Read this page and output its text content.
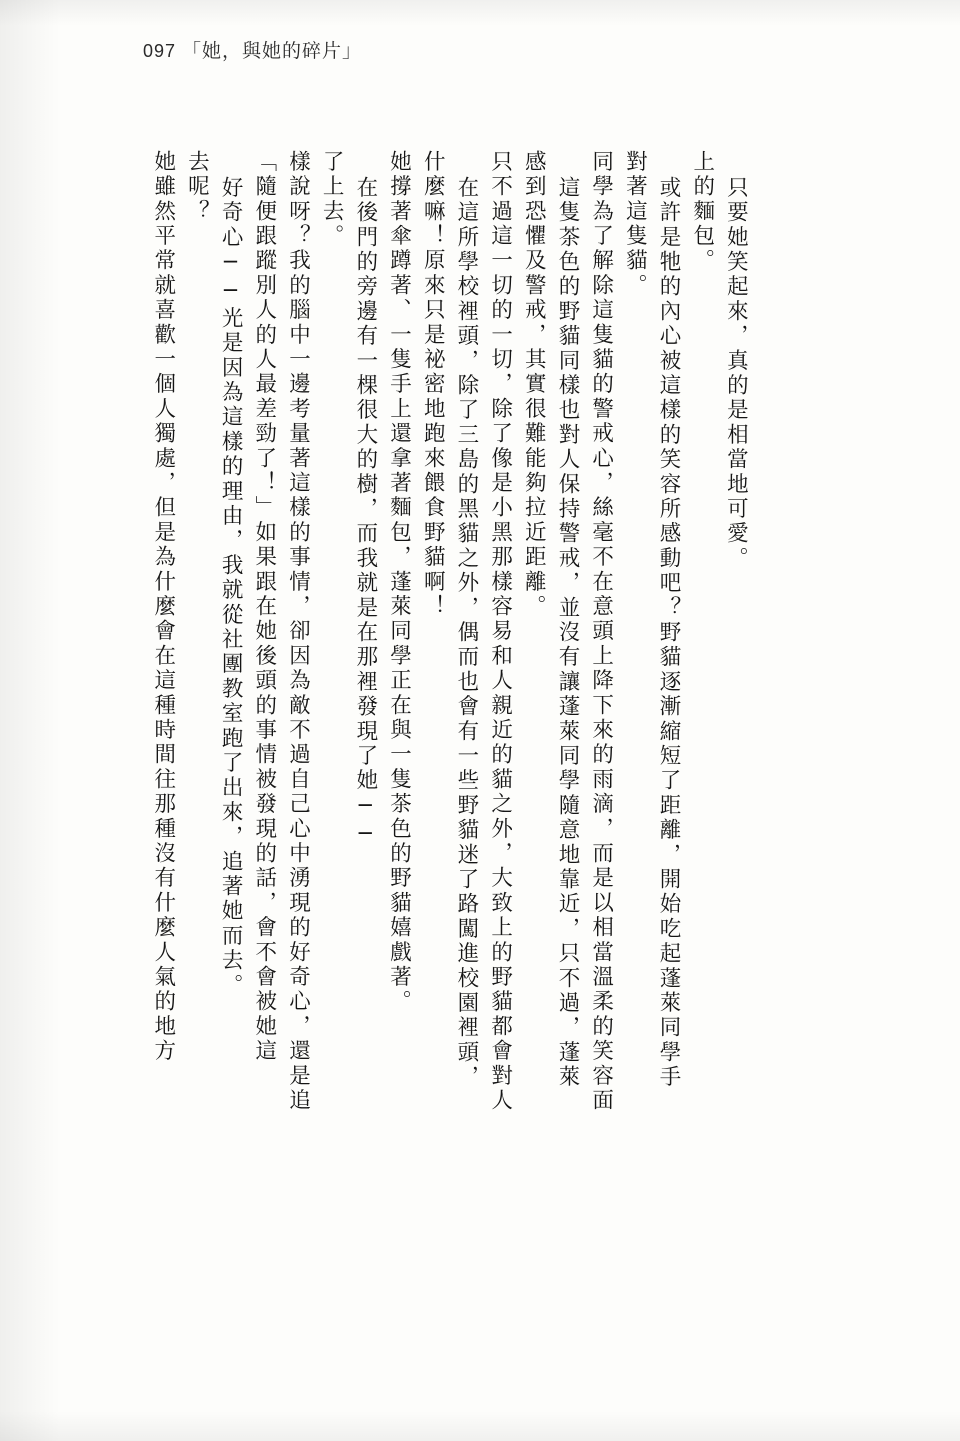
097 「她，與她的碎片」
她雖然平常就喜歡一個人獨處，但是為什麼會在這種時間往那種沒有什麼人氣的地方 去呢？ 好奇心──光是因為這樣的理由，我就從社團教室跑了出來，追著她而去。 「隨便跟蹤別人的人最差勁了！」如果跟在她後頭的事情被發現的話，會不會被她這 樣說呀？我的腦中一邊考量著這樣的事情，卻因為敵不過自己心中湧現的好奇心，還是追 了上去。 在後門的旁邊有一棵很大的樹，而我就是在那裡發現了她── 她撐著傘蹲著、一隻手上還拿著麵包，蓬萊同學正在與一隻茶色的野貓嬉戲著。 什麼嘛！原來只是祕密地跑來餵食野貓啊！ 在這所學校裡頭，除了三島的黑貓之外，偶而也會有一些野貓迷了路闖進校園裡頭， 只不過這一切的一切，除了像是小黑那樣容易和人親近的貓之外，大致上的野貓都會對人 感到恐懼及警戒，其實很難能夠拉近距離。 這隻茶色的野貓同樣也對人保持警戒，並沒有讓蓬萊同學隨意地靠近，只不過，蓬萊 同學為了解除這隻貓的警戒心，絲毫不在意頭上降下來的雨滴，而是以相當溫柔的笑容面 對著這隻貓。 或許是牠的內心被這樣的笑容所感動吧？野貓逐漸縮短了距離，開始吃起蓬萊同學手 上的麵包。 只要她笑起來，真的是相當地可愛。
